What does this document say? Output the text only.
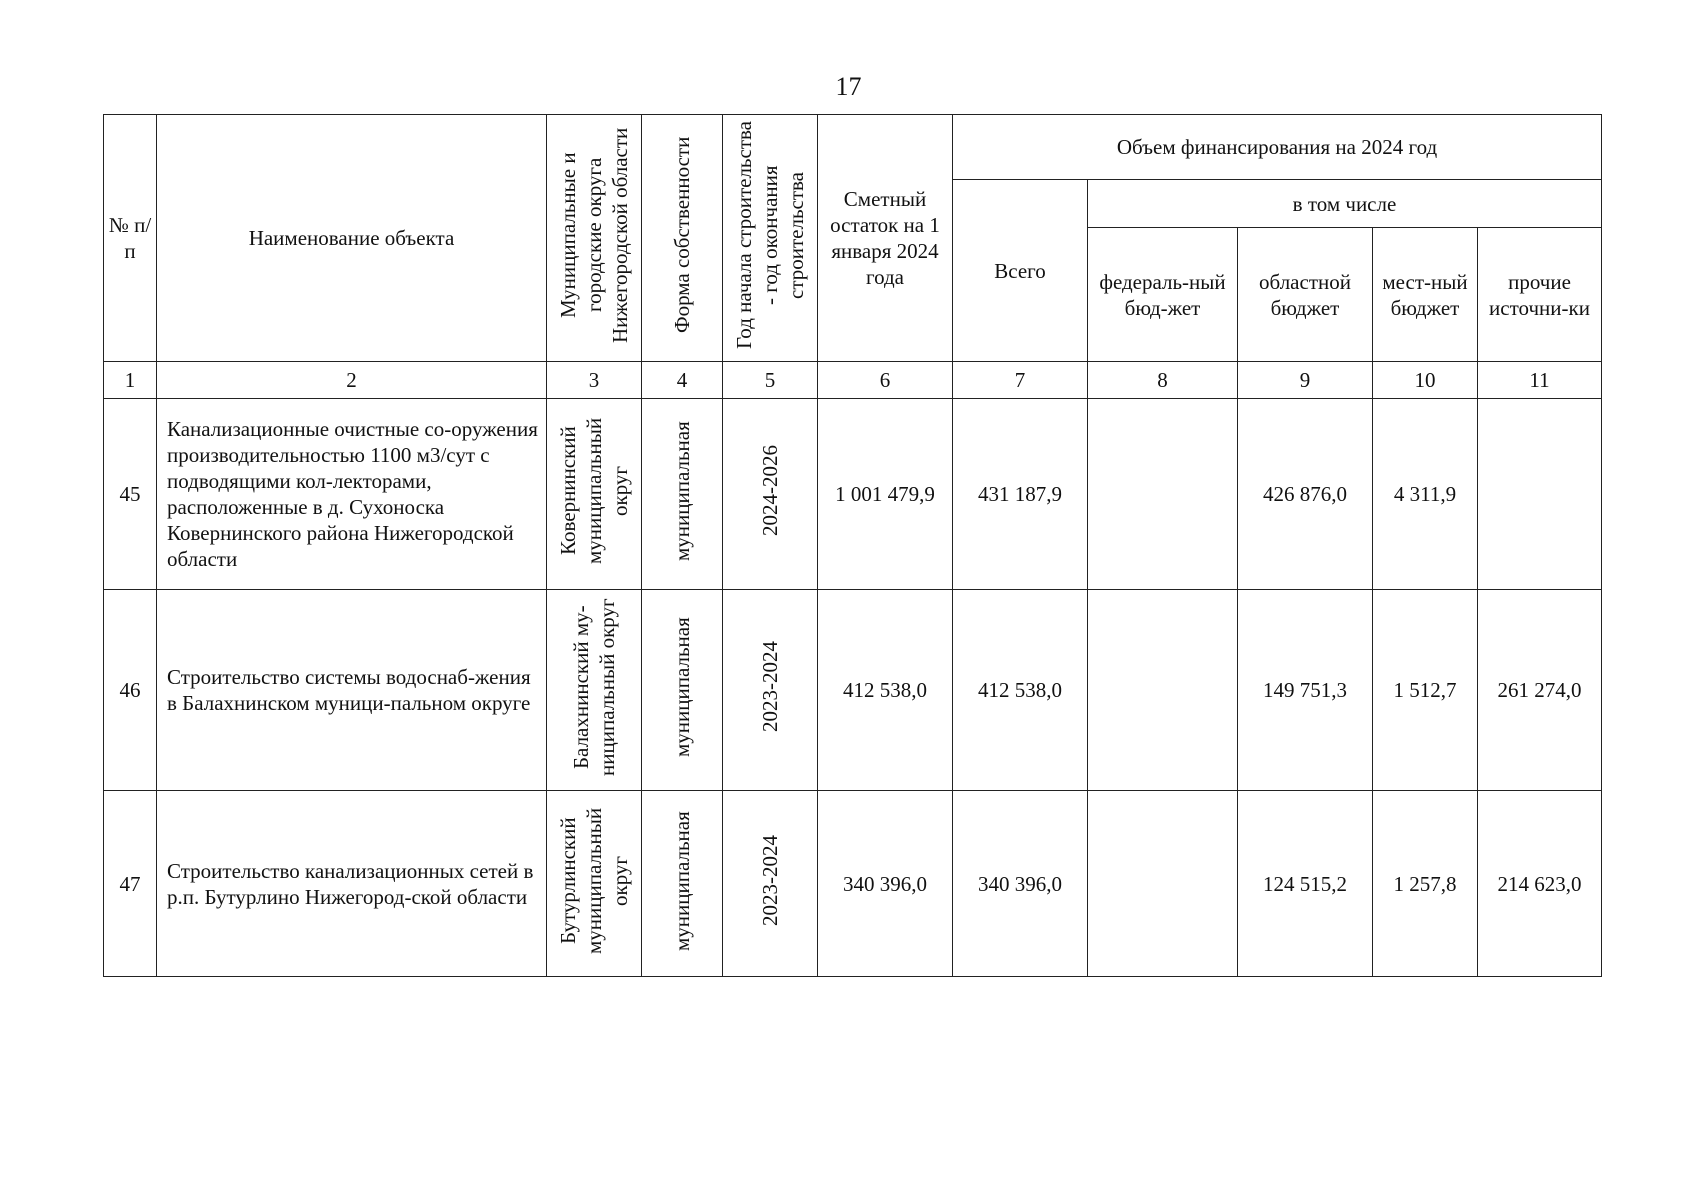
17
№ п/п	Наименование объекта	Муниципальные и городские округа Нижегородской области	Форма собственности	Год начала строительства - год окончания строительства	Сметный остаток на 1 января 2024 года	Объем финансирования на 2024 год				
						Всего	в том числе			
							федераль-ный бюд-жет	областной бюджет	мест-ный бюджет	прочие источни-ки
1	2	3	4	5	6	7	8	9	10	11
45	Канализационные очистные со-оружения производительностью 1100 м3/сут с подводящими кол-лекторами, расположенные в д. Сухоноска Ковернинского района Нижегородской области	Ковернинский муниципальный округ	муниципальная	2024-2026	1 001 479,9	431 187,9		426 876,0	4 311,9	
46	Строительство системы водоснаб-жения в Балахнинском муници-пальном округе	Балахнинский му-ниципальный округ	муниципальная	2023-2024	412 538,0	412 538,0		149 751,3	1 512,7	261 274,0
47	Строительство канализационных сетей в р.п. Бутурлино Нижегород-ской области	Бутурлинский муниципальный округ	муниципальная	2023-2024	340 396,0	340 396,0		124 515,2	1 257,8	214 623,0
